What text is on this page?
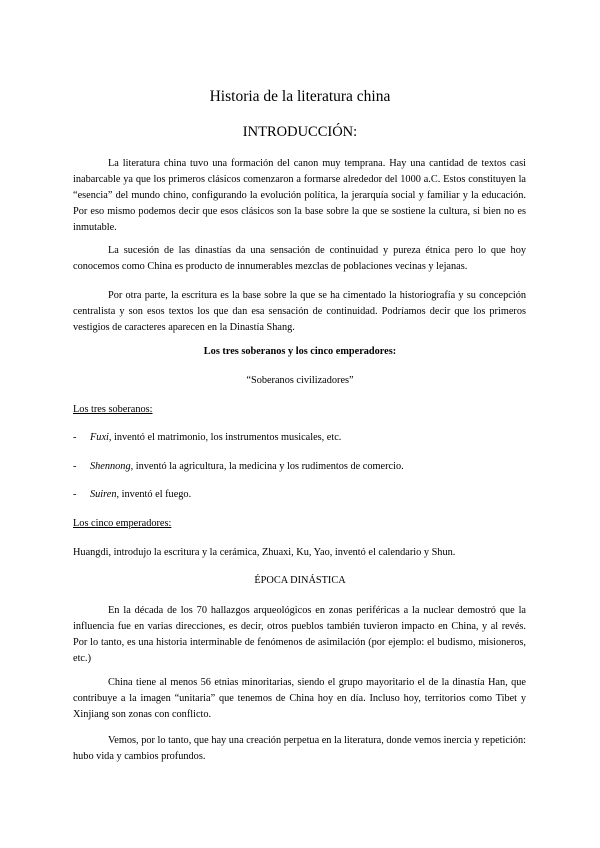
Historia de la literatura china
INTRODUCCIÓN:

La literatura china tuvo una formación del canon muy temprana. Hay una cantidad de textos casi inabarcable ya que los primeros clásicos comenzaron a formarse alrededor del 1000 a.C. Estos constituyen la “esencia” del mundo chino, configurando la evolución política, la jerarquía social y familiar y la educación. Por eso mismo podemos decir que esos clásicos son la base sobre la que se sostiene la cultura, si bien no es inmutable.

La sucesión de las dinastías da una sensación de continuidad y pureza étnica pero lo que hoy conocemos como China es producto de innumerables mezclas de poblaciones vecinas y lejanas.

Por otra parte, la escritura es la base sobre la que se ha cimentado la historiografía y su concepción centralista y son esos textos los que dan esa sensación de continuidad. Podríamos decir que los primeros vestigios de caracteres aparecen en la Dinastía Shang.

Los tres soberanos y los cinco emperadores:
“Soberanos civilizadores”
Los tres soberanos:
- Fuxi, inventó el matrimonio, los instrumentos musicales, etc.
- Shennong, inventó la agricultura, la medicina y los rudimentos de comercio.
- Suiren, inventó el fuego.
Los cinco emperadores:
Huangdi, introdujo la escritura y la cerámica, Zhuaxi, Ku, Yao, inventó el calendario y Shun.
ÉPOCA DINÁSTICA

En la década de los 70 hallazgos arqueológicos en zonas periféricas a la nuclear demostró que la influencia fue en varias direcciones, es decir, otros pueblos también tuvieron impacto en China, y al revés. Por lo tanto, es una historia interminable de fenómenos de asimilación (por ejemplo: el budismo, misioneros, etc.)

China tiene al menos 56 etnias minoritarias, siendo el grupo mayoritario el de la dinastía Han, que contribuye a la imagen “unitaria” que tenemos de China hoy en día. Incluso hoy, territorios como Tibet y Xinjiang son zonas con conflicto.

Vemos, por lo tanto, que hay una creación perpetua en la literatura, donde vemos inercia y repetición: hubo vida y cambios profundos.
